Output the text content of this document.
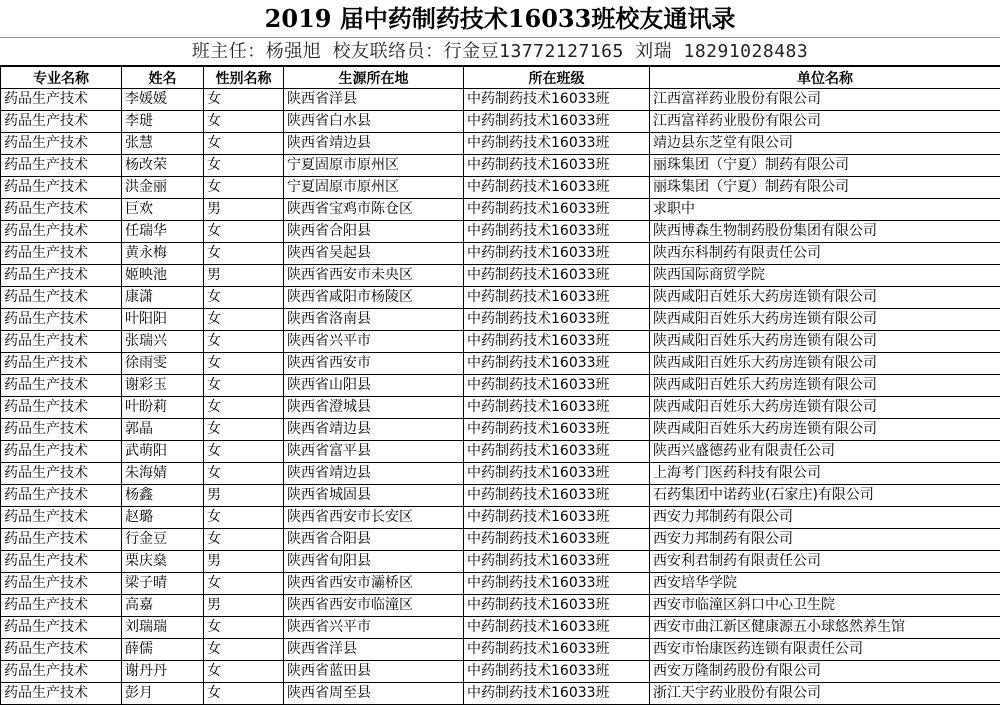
2019 届中药制药技术16033班校友通讯录
班主任：杨强旭 校友联络员：行金豆13772127165 刘瑞 18291028483
专业名称	姓名	性别名称	生源所在地	所在班级	单位名称
药品生产技术	李媛媛	女	陕西省洋县	中药制药技术16033班	江西富祥药业股份有限公司
药品生产技术	李琎	女	陕西省白水县	中药制药技术16033班	江西富祥药业股份有限公司
药品生产技术	张慧	女	陕西省靖边县	中药制药技术16033班	靖边县东芝堂有限公司
药品生产技术	杨改荣	女	宁夏固原市原州区	中药制药技术16033班	丽珠集团（宁夏）制药有限公司
药品生产技术	洪金丽	女	宁夏固原市原州区	中药制药技术16033班	丽珠集团（宁夏）制药有限公司
药品生产技术	巨欢	男	陕西省宝鸡市陈仓区	中药制药技术16033班	求职中
药品生产技术	任瑞华	女	陕西省合阳县	中药制药技术16033班	陕西博森生物制药股份集团有限公司
药品生产技术	黄永梅	女	陕西省吴起县	中药制药技术16033班	陕西东科制药有限责任公司
药品生产技术	姬映池	男	陕西省西安市未央区	中药制药技术16033班	陕西国际商贸学院
药品生产技术	康潇	女	陕西省咸阳市杨陵区	中药制药技术16033班	陕西咸阳百姓乐大药房连锁有限公司
药品生产技术	叶阳阳	女	陕西省洛南县	中药制药技术16033班	陕西咸阳百姓乐大药房连锁有限公司
药品生产技术	张瑞兴	女	陕西省兴平市	中药制药技术16033班	陕西咸阳百姓乐大药房连锁有限公司
药品生产技术	徐雨雯	女	陕西省西安市	中药制药技术16033班	陕西咸阳百姓乐大药房连锁有限公司
药品生产技术	谢彩玉	女	陕西省山阳县	中药制药技术16033班	陕西咸阳百姓乐大药房连锁有限公司
药品生产技术	叶盼莉	女	陕西省澄城县	中药制药技术16033班	陕西咸阳百姓乐大药房连锁有限公司
药品生产技术	郭晶	女	陕西省靖边县	中药制药技术16033班	陕西咸阳百姓乐大药房连锁有限公司
药品生产技术	武萌阳	女	陕西省富平县	中药制药技术16033班	陕西兴盛德药业有限责任公司
药品生产技术	朱海婧	女	陕西省靖边县	中药制药技术16033班	上海考门医药科技有限公司
药品生产技术	杨鑫	男	陕西省城固县	中药制药技术16033班	石药集团中诺药业(石家庄)有限公司
药品生产技术	赵璐	女	陕西省西安市长安区	中药制药技术16033班	西安力邦制药有限公司
药品生产技术	行金豆	女	陕西省合阳县	中药制药技术16033班	西安力邦制药有限公司
药品生产技术	栗庆燊	男	陕西省旬阳县	中药制药技术16033班	西安利君制药有限责任公司
药品生产技术	梁子晴	女	陕西省西安市灞桥区	中药制药技术16033班	西安培华学院
药品生产技术	高嘉	男	陕西省西安市临潼区	中药制药技术16033班	西安市临潼区斜口中心卫生院
药品生产技术	刘瑞瑞	女	陕西省兴平市	中药制药技术16033班	西安市曲江新区健康源五小球悠然养生馆
药品生产技术	薛儒	女	陕西省洋县	中药制药技术16033班	西安市怡康医药连锁有限责任公司
药品生产技术	谢丹丹	女	陕西省蓝田县	中药制药技术16033班	西安万隆制药股份有限公司
药品生产技术	彭月	女	陕西省周至县	中药制药技术16033班	浙江天宇药业股份有限公司
